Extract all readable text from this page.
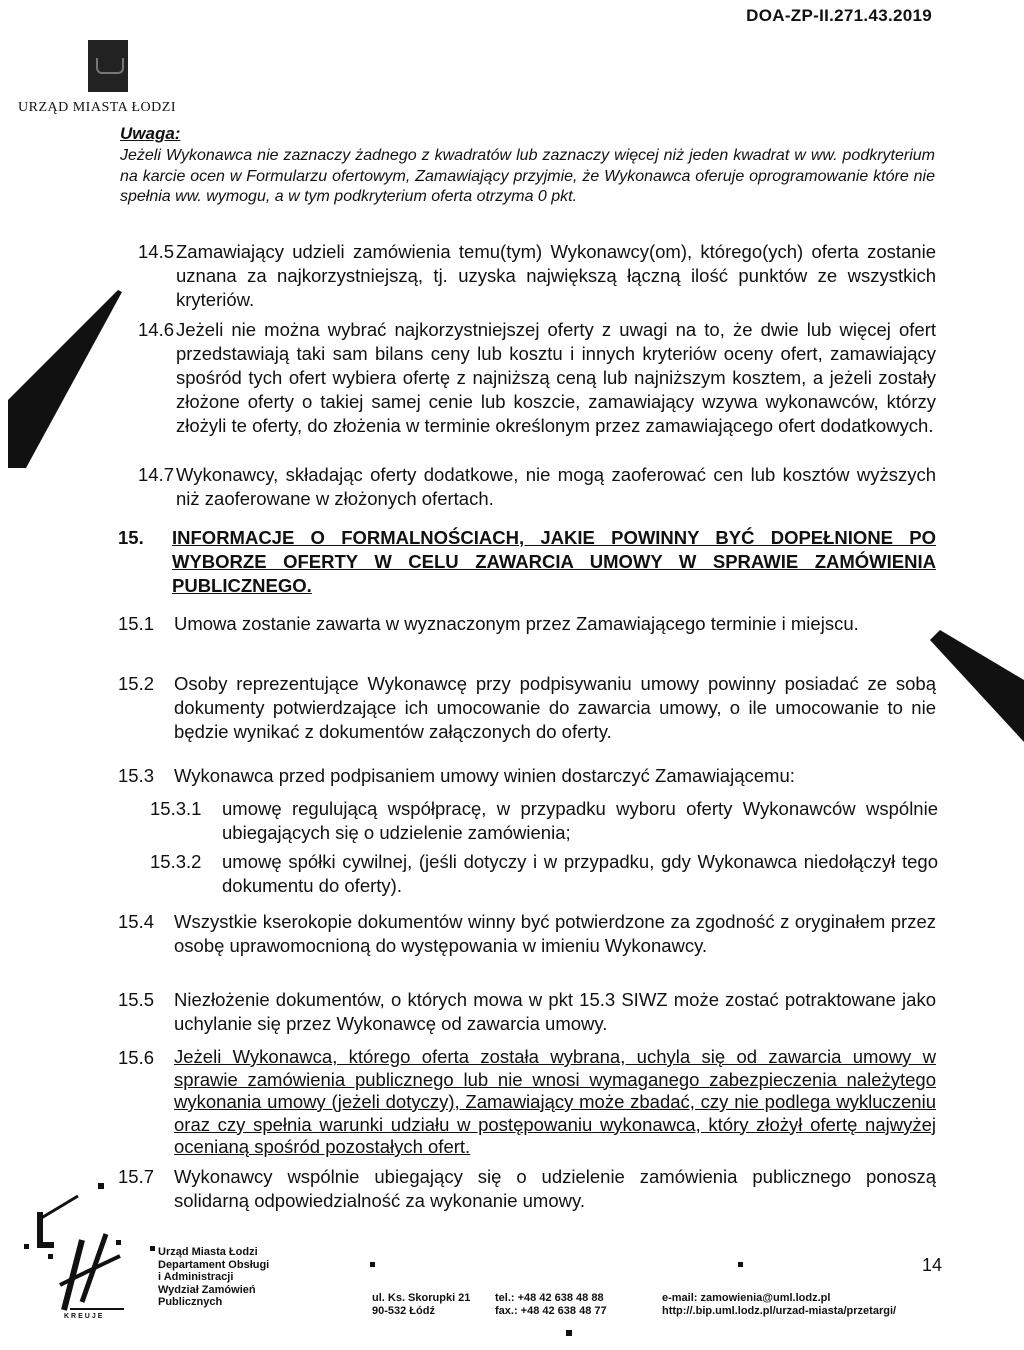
DOA-ZP-II.271.43.2019
URZĄD MIASTA ŁODZI
Uwaga:
Jeżeli Wykonawca nie zaznaczy żadnego z kwadratów lub zaznaczy więcej niż jeden kwadrat w ww. podkryterium na karcie ocen w Formularzu ofertowym, Zamawiający przyjmie, że Wykonawca oferuje oprogramowanie które nie spełnia ww. wymogu, a w tym podkryterium oferta otrzyma 0 pkt.
14.5 Zamawiający udzieli zamówienia temu(tym) Wykonawcy(om), którego(ych) oferta zostanie uznana za najkorzystniejszą, tj. uzyska największą łączną ilość punktów ze wszystkich kryteriów.
14.6 Jeżeli nie można wybrać najkorzystniejszej oferty z uwagi na to, że dwie lub więcej ofert przedstawiają taki sam bilans ceny lub kosztu i innych kryteriów oceny ofert, zamawiający spośród tych ofert wybiera ofertę z najniższą ceną lub najniższym kosztem, a jeżeli zostały złożone oferty o takiej samej cenie lub koszcie, zamawiający wzywa wykonawców, którzy złożyli te oferty, do złożenia w terminie określonym przez zamawiającego ofert dodatkowych.
14.7 Wykonawcy, składając oferty dodatkowe, nie mogą zaoferować cen lub kosztów wyższych niż zaoferowane w złożonych ofertach.
15. INFORMACJE O FORMALNOŚCIACH, JAKIE POWINNY BYĆ DOPEŁNIONE PO WYBORZE OFERTY W CELU ZAWARCIA UMOWY W SPRAWIE ZAMÓWIENIA PUBLICZNEGO.
15.1 Umowa zostanie zawarta w wyznaczonym przez Zamawiającego terminie i miejscu.
15.2 Osoby reprezentujące Wykonawcę przy podpisywaniu umowy powinny posiadać ze sobą dokumenty potwierdzające ich umocowanie do zawarcia umowy, o ile umocowanie to nie będzie wynikać z dokumentów załączonych do oferty.
15.3 Wykonawca przed podpisaniem umowy winien dostarczyć Zamawiającemu:
15.3.1 umowę regulującą współpracę, w przypadku wyboru oferty Wykonawców wspólnie ubiegających się o udzielenie zamówienia;
15.3.2 umowę spółki cywilnej, (jeśli dotyczy i w przypadku, gdy Wykonawca niedołączył tego dokumentu do oferty).
15.4 Wszystkie kserokopie dokumentów winny być potwierdzone za zgodność z oryginałem przez osobę uprawomocnioną do występowania w imieniu Wykonawcy.
15.5 Niezłożenie dokumentów, o których mowa w pkt 15.3 SIWZ może zostać potraktowane jako uchylanie się przez Wykonawcę od zawarcia umowy.
15.6 Jeżeli Wykonawca, którego oferta została wybrana, uchyla się od zawarcia umowy w sprawie zamówienia publicznego lub nie wnosi wymaganego zabezpieczenia należytego wykonania umowy (jeżeli dotyczy), Zamawiający może zbadać, czy nie podlega wykluczeniu oraz czy spełnia warunki udziału w postępowaniu wykonawca, który złożył ofertę najwyżej ocenianą spośród pozostałych ofert.
15.7 Wykonawcy wspólnie ubiegający się o udzielenie zamówienia publicznego ponoszą solidarną odpowiedzialność za wykonanie umowy.
KREUJE
Urząd Miasta Łodzi
Departament Obsługi
i Administracji
Wydział Zamówień
Publicznych	ul. Ks. Skorupki 21
90-532 Łódź
tel.: +48 42 638 48 88
fax.: +48 42 638 48 77
e-mail: zamowienia@uml.lodz.pl
http://.bip.uml.lodz.pl/urzad-miasta/przetargi/
14
